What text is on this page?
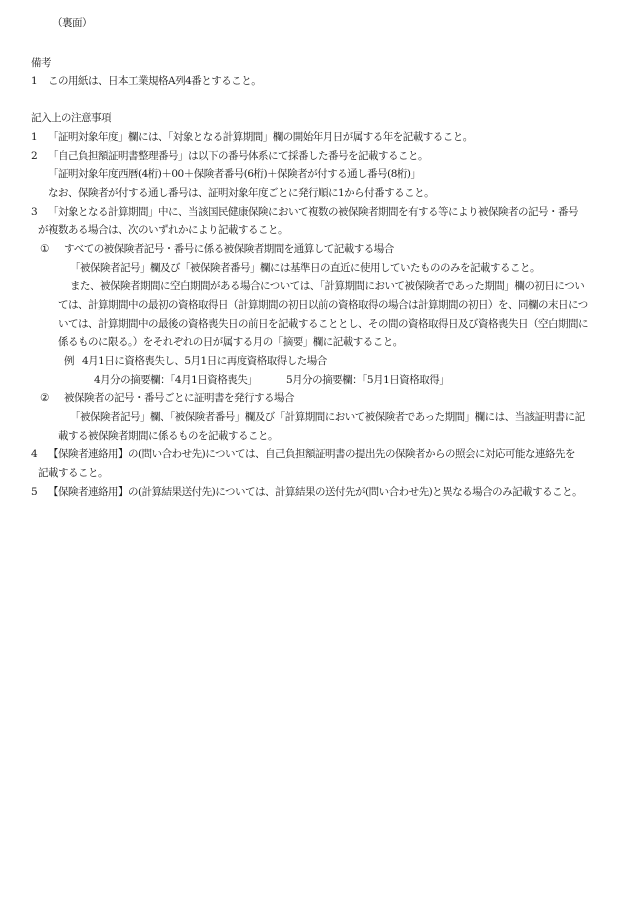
（裏面）
備考
1 この用紙は、日本工業規格A列4番とすること。
記入上の注意事項
1 「証明対象年度」欄には、「対象となる計算期間」欄の開始年月日が属する年を記載すること。
2 「自己負担額証明書整理番号」は以下の番号体系にて採番した番号を記載すること。
「証明対象年度西暦(4桁)＋00＋保険者番号(6桁)＋保険者が付する通し番号(8桁)」
なお、保険者が付する通し番号は、証明対象年度ごとに発行順に1から付番すること。
3 「対象となる計算期間」中に、当該国民健康保険において複数の被保険者期間を有する等により被保険者の記号・番号
が複数ある場合は、次のいずれかにより記載すること。
① すべての被保険者記号・番号に係る被保険者期間を通算して記載する場合
「被保険者記号」欄及び「被保険者番号」欄には基準日の直近に使用していたもののみを記載すること。
また、被保険者期間に空白期間がある場合については、「計算期間において被保険者であった期間」欄の初日につい
ては、計算期間中の最初の資格取得日（計算期間の初日以前の資格取得の場合は計算期間の初日）を、同欄の末日につ
いては、計算期間中の最後の資格喪失日の前日を記載することとし、その間の資格取得日及び資格喪失日（空白期間に
係るものに限る。）をそれぞれの日が属する月の「摘要」欄に記載すること。
例 4月1日に資格喪失し、5月1日に再度資格取得した場合
4月分の摘要欄：「4月1日資格喪失」	5月分の摘要欄：「5月1日資格取得」
② 被保険者の記号・番号ごとに証明書を発行する場合
「被保険者記号」欄、「被保険者番号」欄及び「計算期間において被保険者であった期間」欄には、当該証明書に記
載する被保険者期間に係るものを記載すること。
4 【保険者連絡用】の(問い合わせ先)については、自己負担額証明書の提出先の保険者からの照会に対応可能な連絡先を
記載すること。
5 【保険者連絡用】の(計算結果送付先)については、計算結果の送付先が(問い合わせ先)と異なる場合のみ記載すること。
